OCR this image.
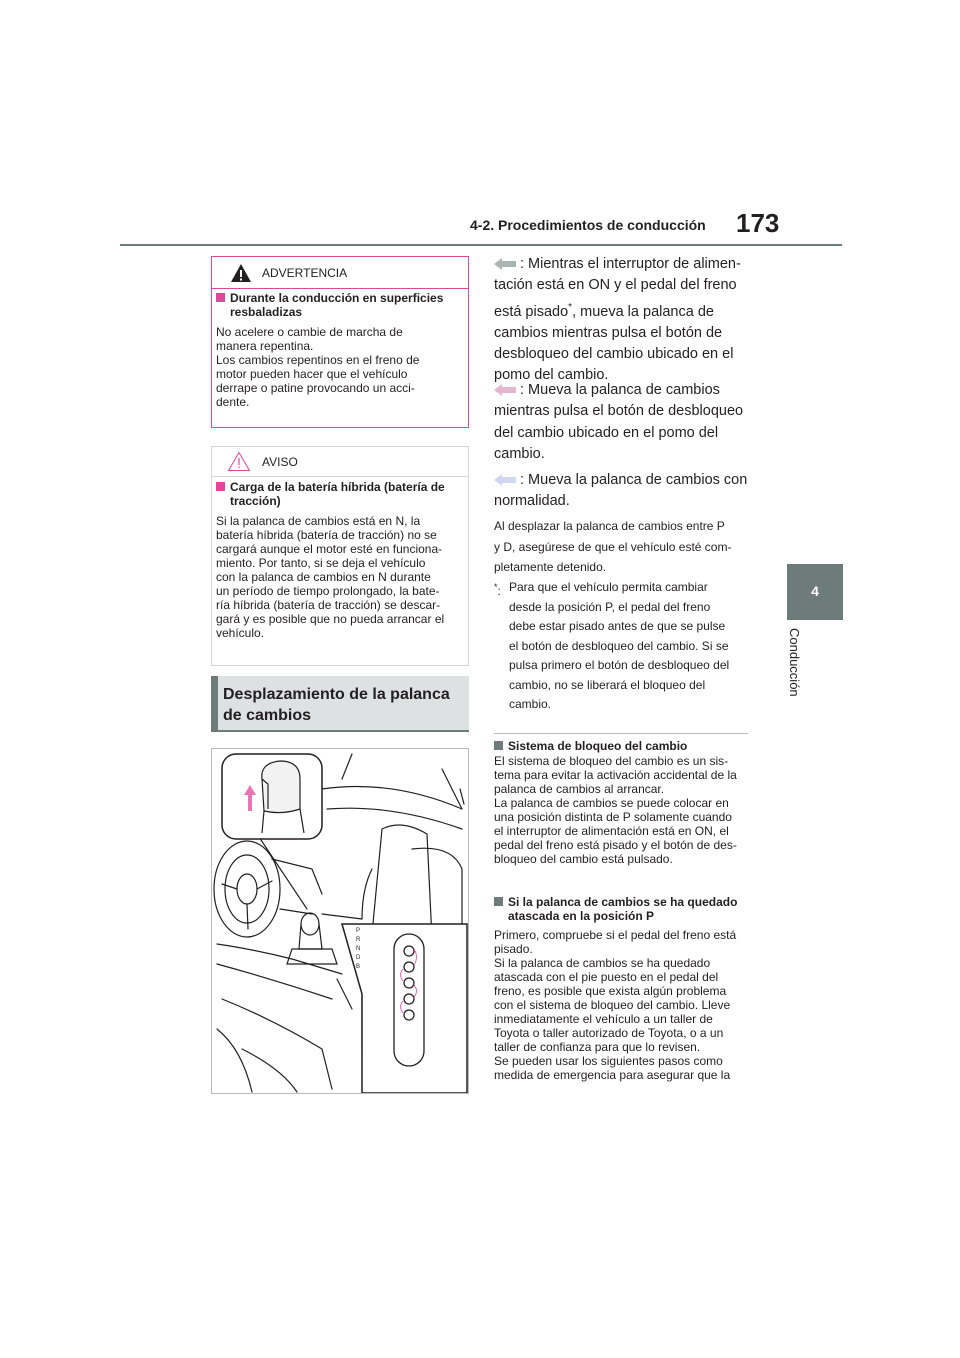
4-2. Procedimientos de conducción 173
4
Conducción
ADVERTENCIA
Durante la conducción en superficies resbaladizas
No acelere o cambie de marcha de
manera repentina.
Los cambios repentinos en el freno de
motor pueden hacer que el vehículo
derrape o patine provocando un acci-
dente.
AVISO
Carga de la batería híbrida (batería de tracción)
Si la palanca de cambios está en N, la
batería híbrida (batería de tracción) no se
cargará aunque el motor esté en funciona-
miento. Por tanto, si se deja el vehículo
con la palanca de cambios en N durante
un período de tiempo prolongado, la bate-
ría híbrida (batería de tracción) se descar-
gará y es posible que no pueda arrancar el
vehículo.
Desplazamiento de la palanca
de cambios
P
R
N
D
B
: Mientras el interruptor de alimen-
tación está en ON y el pedal del freno
está pisado*, mueva la palanca de
cambios mientras pulsa el botón de
desbloqueo del cambio ubicado en el
pomo del cambio.
: Mueva la palanca de cambios
mientras pulsa el botón de desbloqueo
del cambio ubicado en el pomo del
cambio.
: Mueva la palanca de cambios con
normalidad.
Al desplazar la palanca de cambios entre P
y D, asegúrese de que el vehículo esté com-
pletamente detenido.
*: Para que el vehículo permita cambiar
desde la posición P, el pedal del freno
debe estar pisado antes de que se pulse
el botón de desbloqueo del cambio. Si se
pulsa primero el botón de desbloqueo del
cambio, no se liberará el bloqueo del
cambio.
Sistema de bloqueo del cambio
El sistema de bloqueo del cambio es un sis-
tema para evitar la activación accidental de la
palanca de cambios al arrancar.
La palanca de cambios se puede colocar en
una posición distinta de P solamente cuando
el interruptor de alimentación está en ON, el
pedal del freno está pisado y el botón de des-
bloqueo del cambio está pulsado.
Si la palanca de cambios se ha quedado
atascada en la posición P
Primero, compruebe si el pedal del freno está
pisado.
Si la palanca de cambios se ha quedado
atascada con el pie puesto en el pedal del
freno, es posible que exista algún problema
con el sistema de bloqueo del cambio. Lleve
inmediatamente el vehículo a un taller de
Toyota o taller autorizado de Toyota, o a un
taller de confianza para que lo revisen.
Se pueden usar los siguientes pasos como
medida de emergencia para asegurar que la
